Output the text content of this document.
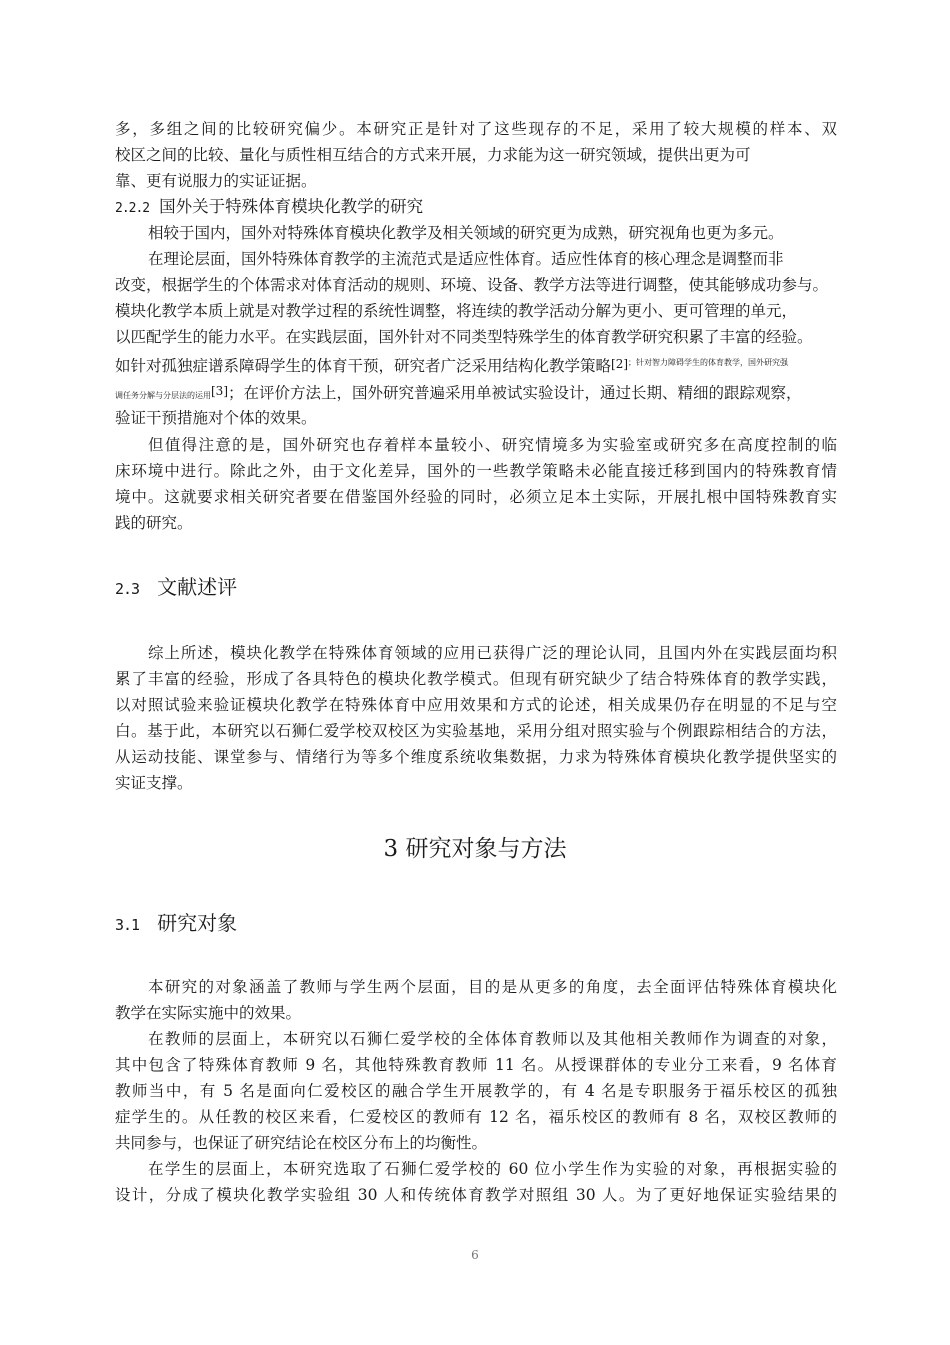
多，多组之间的比较研究偏少。本研究正是针对了这些现存的不足，采用了较大规模的样本、双
校区之间的比较、量化与质性相互结合的方式来开展，力求能为这一研究领域，提供出更为可
靠、更有说服力的实证证据。
2.2.2 国外关于特殊体育模块化教学的研究
相较于国内，国外对特殊体育模块化教学及相关领域的研究更为成熟，研究视角也更为多元。
在理论层面，国外特殊体育教学的主流范式是适应性体育。适应性体育的核心理念是调整而非
改变，根据学生的个体需求对体育活动的规则、环境、设备、教学方法等进行调整，使其能够成功参与。
模块化教学本质上就是对教学过程的系统性调整，将连续的教学活动分解为更小、更可管理的单元，
以匹配学生的能力水平。在实践层面，国外针对不同类型特殊学生的体育教学研究积累了丰富的经验。
如针对孤独症谱系障碍学生的体育干预，研究者广泛采用结构化教学策略$[2]^{;针对智力障碍学生的体育教学,国外研究强}$
调任务分解与分层法的运用[3]；在评价方法上，国外研究普遍采用单被试实验设计，通过长期、精细的跟踪观察，
验证干预措施对个体的效果。
但值得注意的是，国外研究也存着样本量较小、研究情境多为实验室或研究多在高度控制的临
床环境中进行。除此之外，由于文化差异，国外的一些教学策略未必能直接迁移到国内的特殊教育情
境中。这就要求相关研究者要在借鉴国外经验的同时，必须立足本土实际，开展扎根中国特殊教育实
践的研究。
2.3 文献述评
综上所述，模块化教学在特殊体育领域的应用已获得广泛的理论认同，且国内外在实践层面均积
累了丰富的经验，形成了各具特色的模块化教学模式。但现有研究缺少了结合特殊体育的教学实践，
以对照试验来验证模块化教学在特殊体育中应用效果和方式的论述，相关成果仍存在明显的不足与空
白。基于此，本研究以石狮仁爱学校双校区为实验基地，采用分组对照实验与个例跟踪相结合的方法，
从运动技能、课堂参与、情绪行为等多个维度系统收集数据，力求为特殊体育模块化教学提供坚实的
实证支撑。
3 研究对象与方法
3.1 研究对象
本研究的对象涵盖了教师与学生两个层面，目的是从更多的角度，去全面评估特殊体育模块化
教学在实际实施中的效果。
在教师的层面上，本研究以石狮仁爱学校的全体体育教师以及其他相关教师作为调查的对象，
其中包含了特殊体育教师 9 名，其他特殊教育教师 11 名。从授课群体的专业分工来看，9 名体育
教师当中，有 5 名是面向仁爱校区的融合学生开展教学的，有 4 名是专职服务于福乐校区的孤独
症学生的。从任教的校区来看，仁爱校区的教师有 12 名，福乐校区的教师有 8 名，双校区教师的
共同参与，也保证了研究结论在校区分布上的均衡性。
在学生的层面上，本研究选取了石狮仁爱学校的 60 位小学生作为实验的对象，再根据实验的
设计，分成了模块化教学实验组 30 人和传统体育教学对照组 30 人。为了更好地保证实验结果的
6
